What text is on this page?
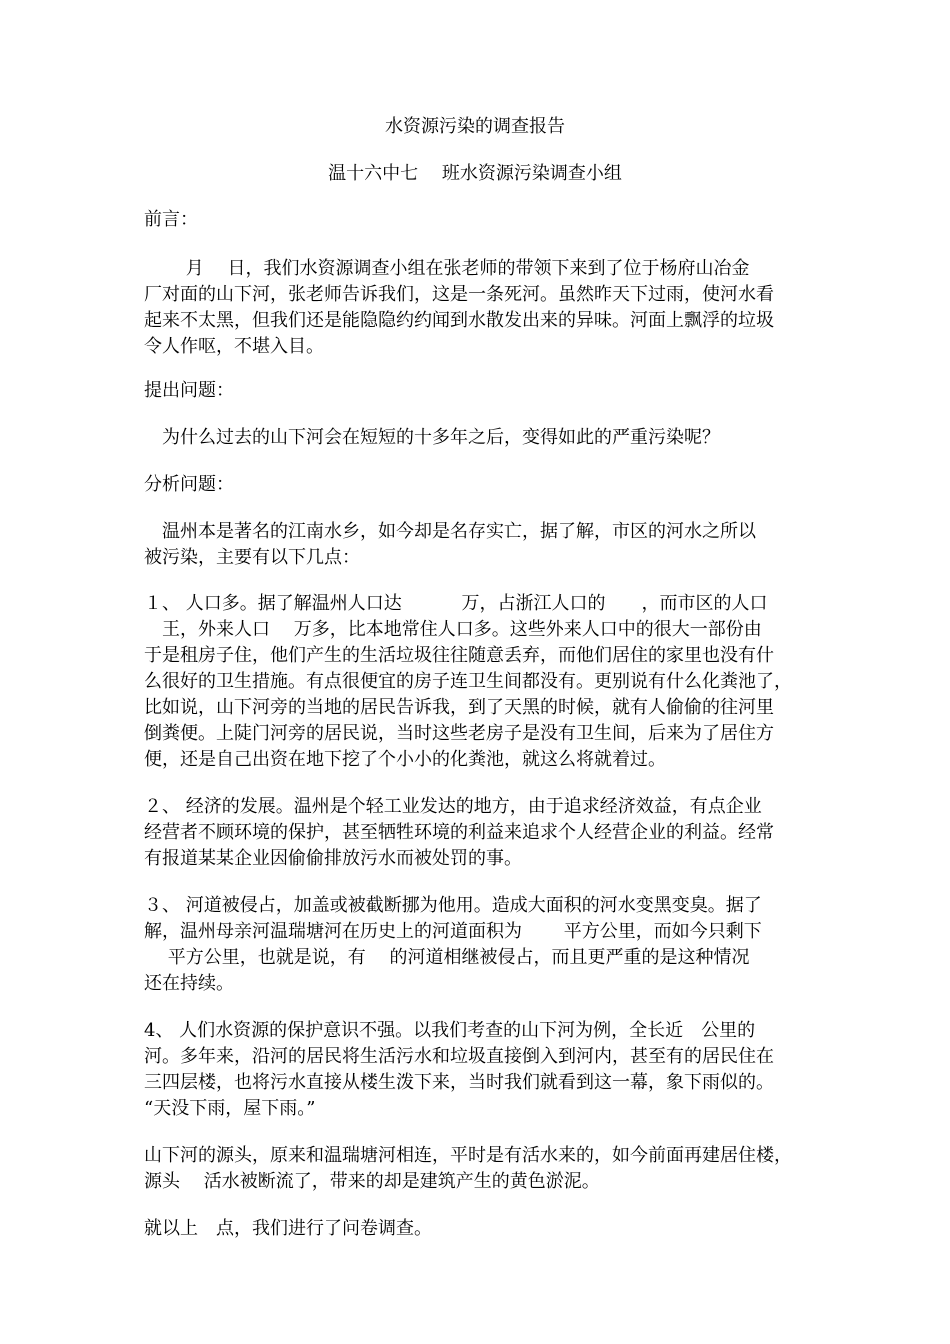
水资源污染的调查报告

温十六中七　 班水资源污染调查小组

前言：

　　 月 　日，我们水资源调查小组在张老师的带领下来到了位于杨府山冶金

厂对面的山下河，张老师告诉我们，这是一条死河。虽然昨天下过雨，使河水看

起来不太黑，但我们还是能隐隐约约闻到水散发出来的异味。河面上飘浮的垃圾

令人作呕，不堪入目。

提出问题：

　为什么过去的山下河会在短短的十多年之后，变得如此的严重污染呢？

分析问题：

　温州本是著名的江南水乡，如今却是名存实亡，据了解，市区的河水之所以

被污染，主要有以下几点：

１、 人口多。据了解温州人口达　　　 万，占浙江人口的　　，而市区的人口

　王，外来人口　 万多，比本地常住人口多。这些外来人口中的很大一部份由

于是租房子住，他们产生的生活垃圾往往随意丢弃，而他们居住的家里也没有什

么很好的卫生措施。有点很便宜的房子连卫生间都没有。更别说有什么化粪池了，

比如说，山下河旁的当地的居民告诉我，到了天黑的时候，就有人偷偷的往河里

倒粪便。上陡门河旁的居民说，当时这些老房子是没有卫生间，后来为了居住方

便，还是自己出资在地下挖了个小小的化粪池，就这么将就着过。

２、 经济的发展。温州是个轻工业发达的地方，由于追求经济效益，有点企业

经营者不顾环境的保护，甚至牺牲环境的利益来追求个人经营企业的利益。经常

有报道某某企业因偷偷排放污水而被处罚的事。

３、 河道被侵占，加盖或被截断挪为他用。造成大面积的河水变黑变臭。据了

解，温州母亲河温瑞塘河在历史上的河道面积为　　 平方公里，而如今只剩下

　 平方公里，也就是说，有　 的河道相继被侵占，而且更严重的是这种情况

还在持续。

4、 人们水资源的保护意识不强。以我们考查的山下河为例，全长近　公里的

河。多年来，沿河的居民将生活污水和垃圾直接倒入到河内，甚至有的居民住在

三四层楼，也将污水直接从楼生泼下来，当时我们就看到这一幕，象下雨似的。

“天没下雨，屋下雨。”

山下河的源头，原来和温瑞塘河相连，平时是有活水来的，如今前面再建居住楼，

源头　 活水被断流了，带来的却是建筑产生的黄色淤泥。

就以上　点，我们进行了问卷调查。
